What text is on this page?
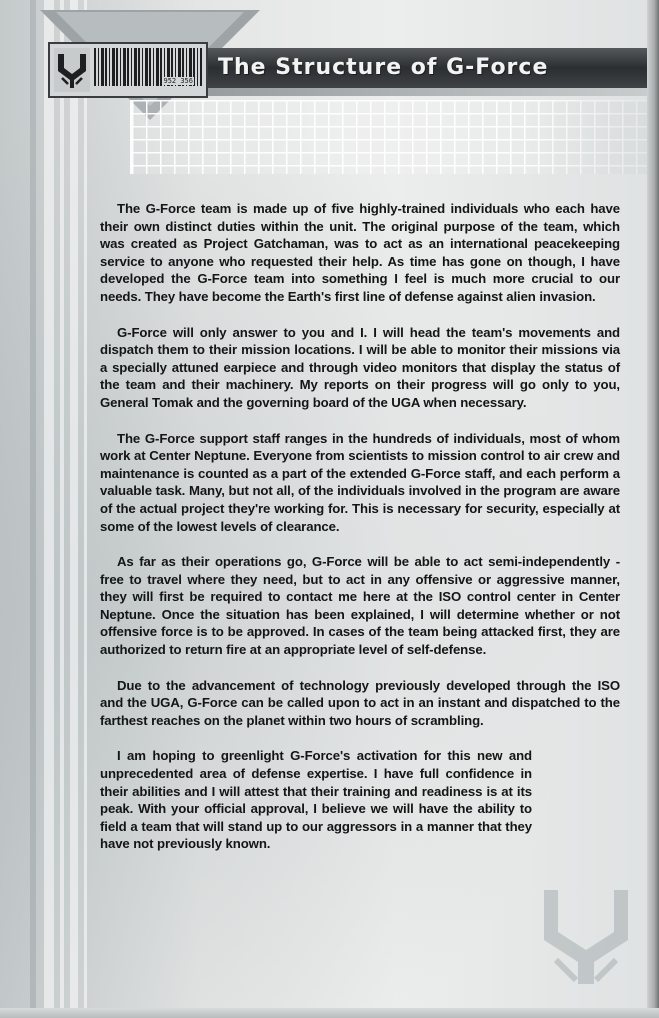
The Structure of G-Force
952 356

The G-Force team is made up of five highly-trained individuals who each have their own distinct duties within the unit. The original purpose of the team, which was created as Project Gatchaman, was to act as an international peacekeeping service to anyone who requested their help. As time has gone on though, I have developed the G-Force team into something I feel is much more crucial to our needs. They have become the Earth's first line of defense against alien invasion.

G-Force will only answer to you and I. I will head the team's movements and dispatch them to their mission locations. I will be able to monitor their missions via a specially attuned earpiece and through video monitors that display the status of the team and their machinery. My reports on their progress will go only to you, General Tomak and the governing board of the UGA when necessary.

The G-Force support staff ranges in the hundreds of individuals, most of whom work at Center Neptune. Everyone from scientists to mission control to air crew and maintenance is counted as a part of the extended G-Force staff, and each perform a valuable task. Many, but not all, of the individuals involved in the program are aware of the actual project they're working for. This is necessary for security, especially at some of the lowest levels of clearance.

As far as their operations go, G-Force will be able to act semi-independently - free to travel where they need, but to act in any offensive or aggressive manner, they will first be required to contact me here at the ISO control center in Center Neptune. Once the situation has been explained, I will determine whether or not offensive force is to be approved. In cases of the team being attacked first, they are authorized to return fire at an appropriate level of self-defense.

Due to the advancement of technology previously developed through the ISO and the UGA, G-Force can be called upon to act in an instant and dispatched to the farthest reaches on the planet within two hours of scrambling.

I am hoping to greenlight G-Force's activation for this new and unprecedented area of defense expertise. I have full confidence in their abilities and I will attest that their training and readiness is at its peak. With your official approval, I believe we will have the ability to field a team that will stand up to our aggressors in a manner that they have not previously known.
